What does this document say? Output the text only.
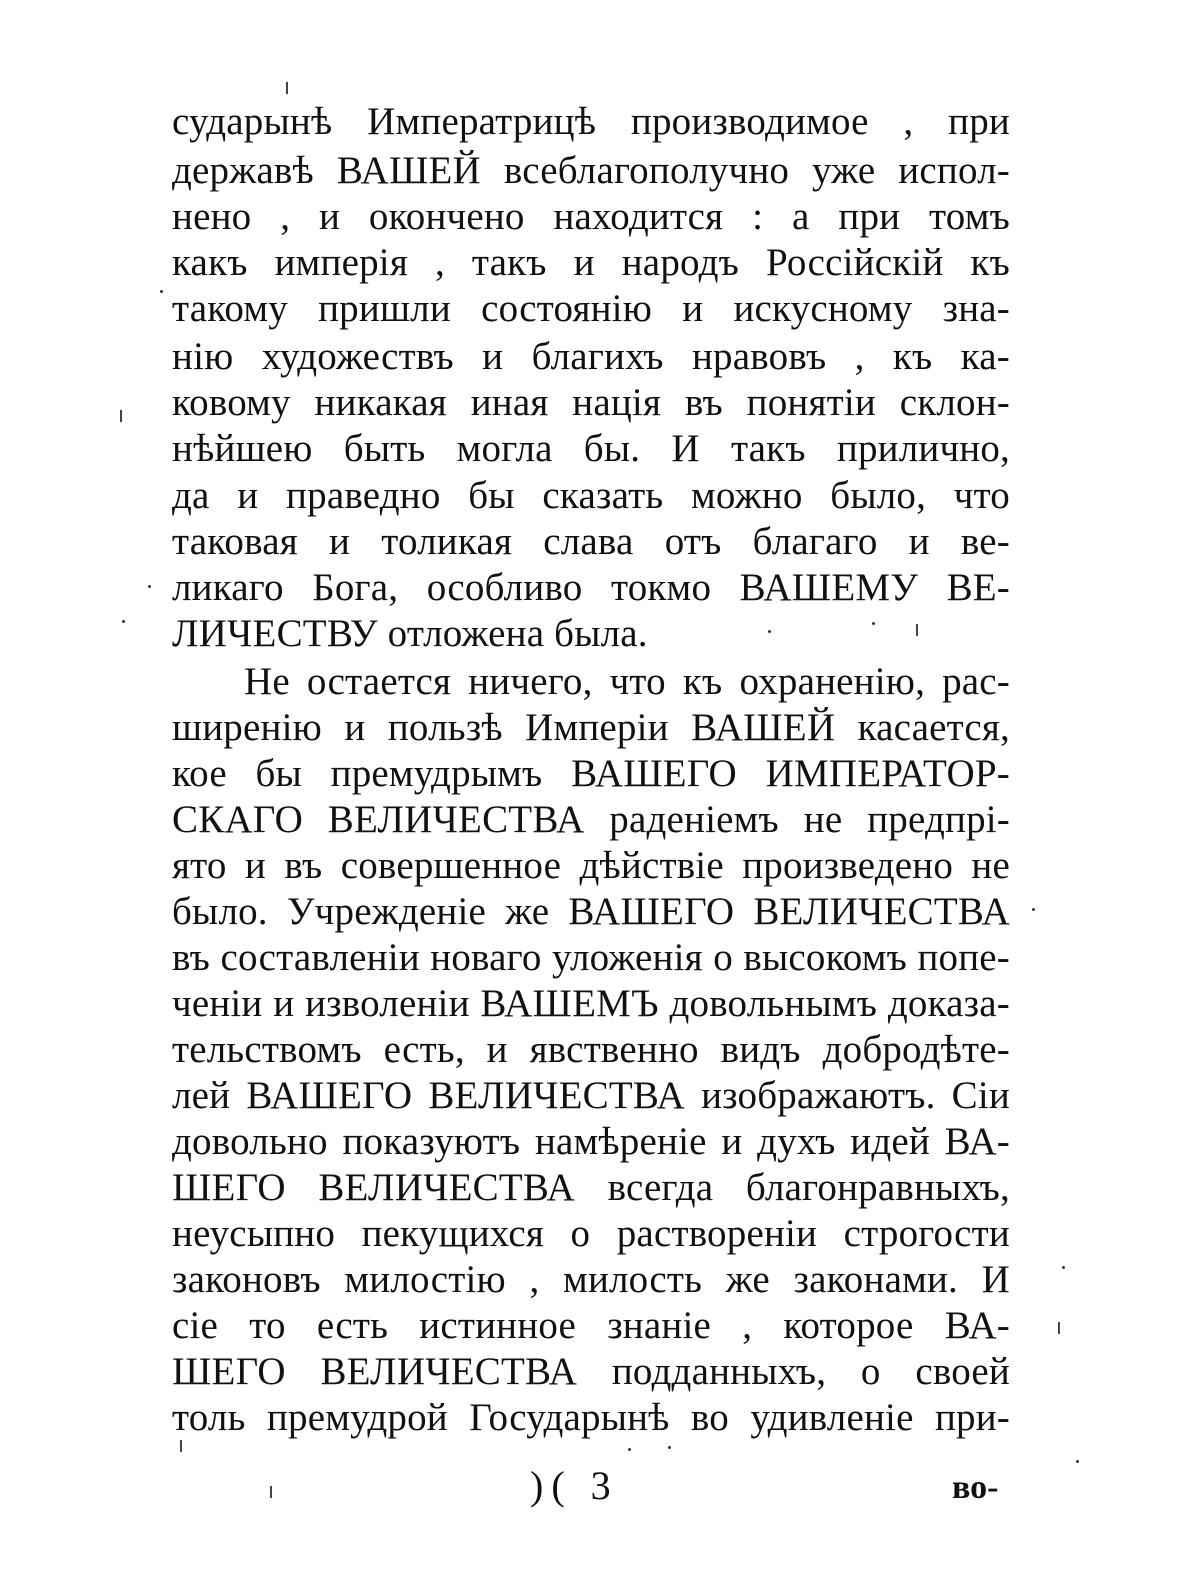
сударынѣ Императрицѣ производимое , при
державѣ ВАШЕЙ всеблагополучно уже испол-
нено , и окончено находится : а при томъ
какъ имперія , такъ и народъ Россійскій къ
такому пришли состоянію и искусному зна-
нію художествъ и благихъ нравовъ , къ ка-
ковому никакая иная нація въ понятіи склон-
нѣйшею быть могла бы. И такъ прилично,
да и праведно бы сказать можно было, что
таковая и толикая слава отъ благаго и ве-
ликаго Бога, особливо токмо ВАШЕМУ ВЕ-
ЛИЧЕСТВУ отложена была.
Не остается ничего, что къ охраненію, рас-
ширенію и пользѣ Имперіи ВАШЕЙ касается,
кое бы премудрымъ ВАШЕГО ИМПЕРАТОР-
СКАГО ВЕЛИЧЕСТВА раденіемъ не предпрі-
ято и въ совершенное дѣйствіе произведено не
было. Учрежденіе же ВАШЕГО ВЕЛИЧЕСТВА
въ составленіи новаго уложенія о высокомъ попе-
ченіи и изволеніи ВАШЕМЪ довольнымъ доказа-
тельствомъ есть, и явственно видъ добродѣте-
лей ВАШЕГО ВЕЛИЧЕСТВА изображаютъ. Сіи
довольно показуютъ намѣреніе и духъ идей ВА-
ШЕГО ВЕЛИЧЕСТВА всегда благонравныхъ,
неусыпно пекущихся о раствореніи строгости
законовъ милостію , милость же законами. И
сіе то есть истинное знаніе , которое ВА-
ШЕГО ВЕЛИЧЕСТВА подданныхъ, о своей
толь премудрой Государынѣ во удивленіе при-
)( 3	во-
